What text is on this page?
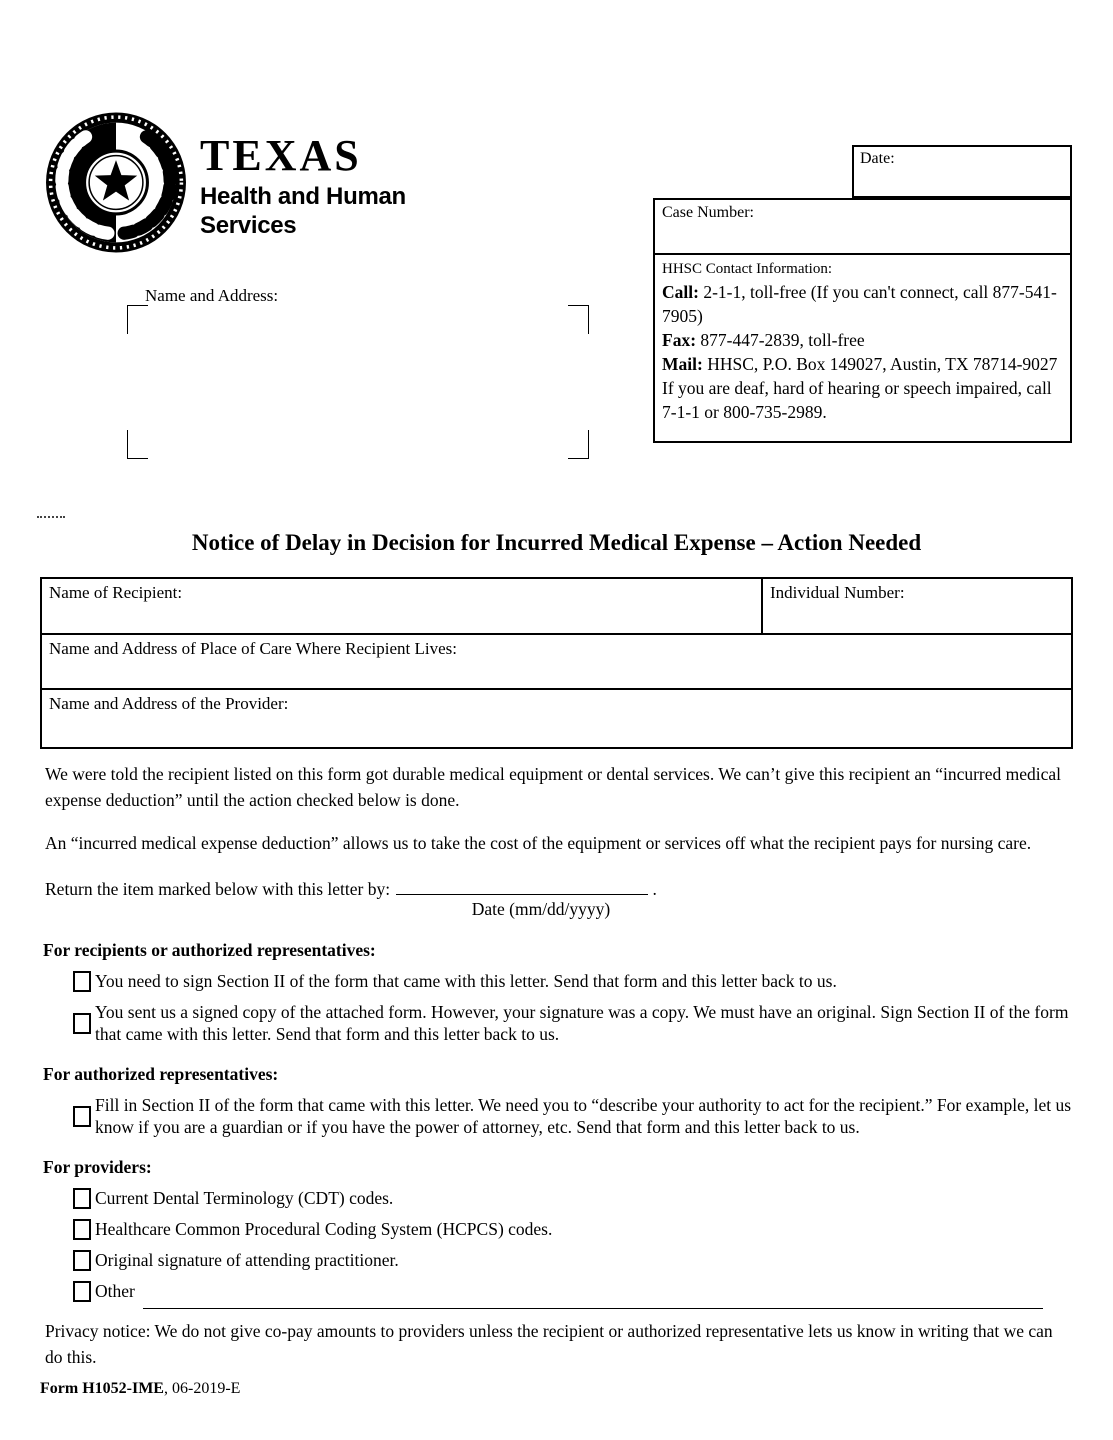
TEXAS
Health and Human
Services
Name and Address:
Date:
Case Number:
HHSC Contact Information:
Call: 2-1-1, toll-free (If you can't connect, call 877-541-7905)
Fax: 877-447-2839, toll-free
Mail: HHSC, P.O. Box 149027, Austin, TX 78714-9027
If you are deaf, hard of hearing or speech impaired, call 7-1-1 or 800-735-2989.
Notice of Delay in Decision for Incurred Medical Expense – Action Needed
Name of Recipient:	Individual Number:
Name and Address of Place of Care Where Recipient Lives:
Name and Address of the Provider:
We were told the recipient listed on this form got durable medical equipment or dental services. We can’t give this recipient an “incurred medical expense deduction” until the action checked below is done.
An “incurred medical expense deduction” allows us to take the cost of the equipment or services off what the recipient pays for nursing care.
Return the item marked below with this letter by:	.
Date (mm/dd/yyyy)
For recipients or authorized representatives:
You need to sign Section II of the form that came with this letter. Send that form and this letter back to us.
You sent us a signed copy of the attached form. However, your signature was a copy. We must have an original. Sign Section II of the form that came with this letter. Send that form and this letter back to us.
For authorized representatives:
Fill in Section II of the form that came with this letter. We need you to “describe your authority to act for the recipient.” For example, let us know if you are a guardian or if you have the power of attorney, etc. Send that form and this letter back to us.
For providers:
Current Dental Terminology (CDT) codes.
Healthcare Common Procedural Coding System (HCPCS) codes.
Original signature of attending practitioner.
Other
Privacy notice: We do not give co-pay amounts to providers unless the recipient or authorized representative lets us know in writing that we can do this.
Form H1052-IME, 06-2019-E
